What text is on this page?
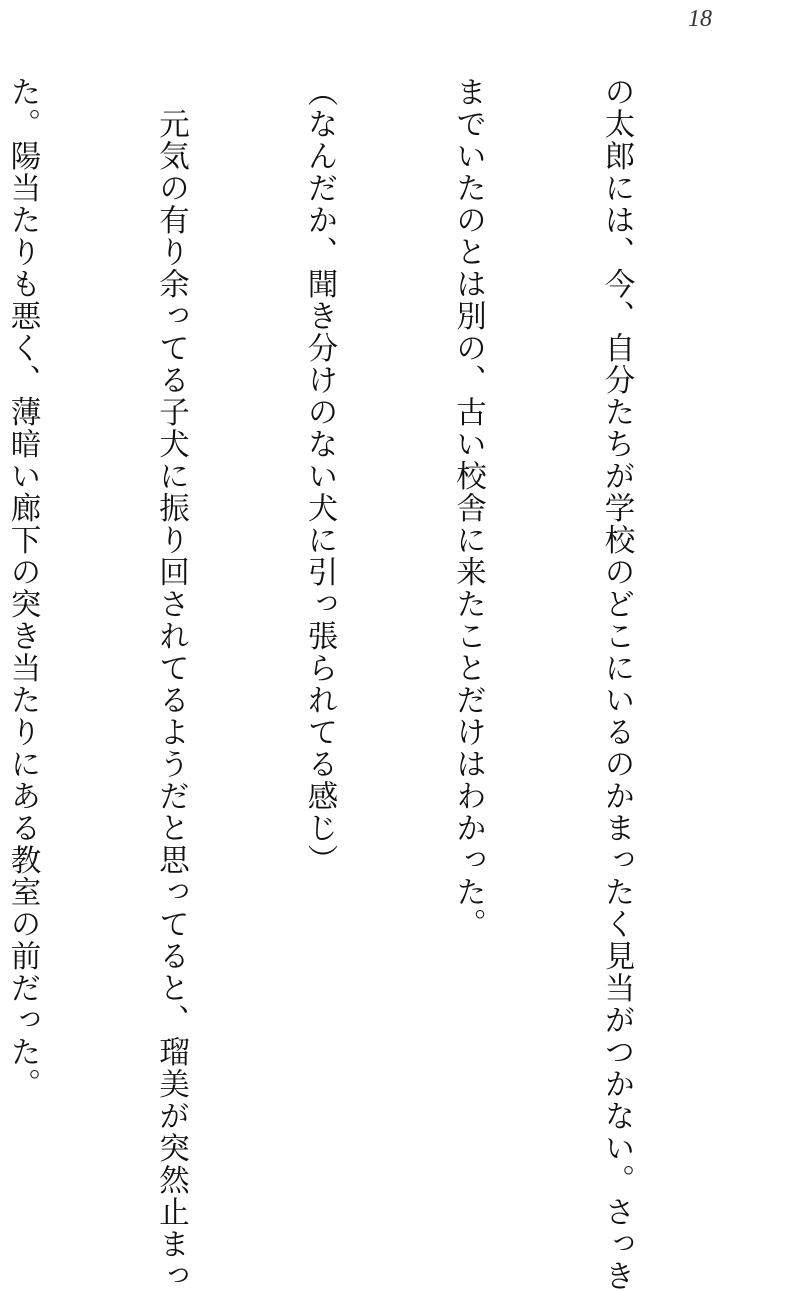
18

の太郎には、今、自分たちが学校のどこにいるのかまったく見当がつかない。さっき

までいたのとは別の、古い校舎に来たことだけはわかった。

（なんだか、聞き分けのない犬に引っ張られてる感じ）

　元気の有り余ってる子犬に振り回されてるようだと思ってると、瑠美が突然止まっ

た。陽当たりも悪く、薄暗い廊下の突き当たりにある教室の前だった。
